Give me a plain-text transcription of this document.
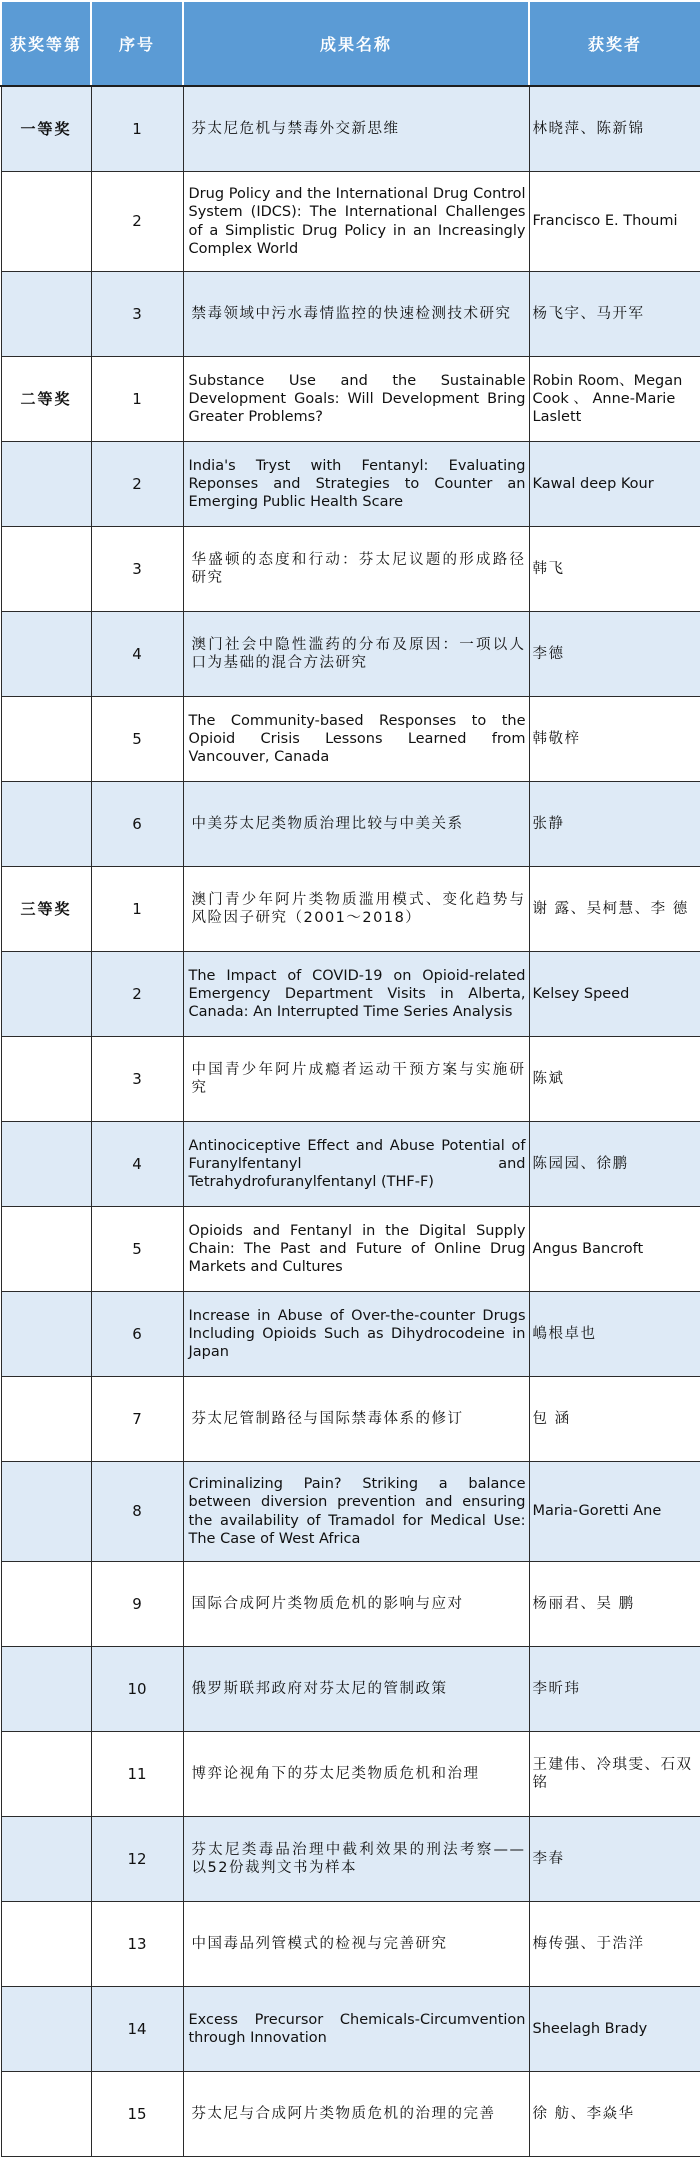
获奖等第	序号	成果名称	获奖者
一等奖	1	芬太尼危机与禁毒外交新思维	林晓萍、陈新锦
	2	Drug Policy and the International Drug Control System (IDCS): The International Challenges of a Simplistic Drug Policy in an Increasingly Complex World	Francisco E. Thoumi
	3	禁毒领域中污水毒情监控的快速检测技术研究	杨飞宇、马开军
二等奖	1	Substance Use and the Sustainable Development Goals: Will Development Bring Greater Problems?	Robin Room、Megan Cook 、 Anne-Marie Laslett
	2	India's Tryst with Fentanyl: Evaluating Reponses and Strategies to Counter an Emerging Public Health Scare	Kawal deep Kour
	3	华盛顿的态度和行动：芬太尼议题的形成路径研究	韩飞
	4	澳门社会中隐性滥药的分布及原因：一项以人口为基础的混合方法研究	李德
	5	The Community-based Responses to the Opioid Crisis Lessons Learned from Vancouver, Canada	韩敬梓
	6	中美芬太尼类物质治理比较与中美关系	张静
三等奖	1	澳门青少年阿片类物质滥用模式、变化趋势与风险因子研究（2001～2018）	谢 露、吴柯慧、李 德
	2	The Impact of COVID-19 on Opioid-related Emergency Department Visits in Alberta, Canada: An Interrupted Time Series Analysis	Kelsey Speed
	3	中国青少年阿片成瘾者运动干预方案与实施研究	陈斌
	4	Antinociceptive Effect and Abuse Potential of Furanylfentanyl and Tetrahydrofuranylfentanyl (THF-F)	陈园园、徐鹏
	5	Opioids and Fentanyl in the Digital Supply Chain: The Past and Future of Online Drug Markets and Cultures	Angus Bancroft
	6	Increase in Abuse of Over-the-counter Drugs Including Opioids Such as Dihydrocodeine in Japan	嶋根卓也
	7	芬太尼管制路径与国际禁毒体系的修订	包 涵
	8	Criminalizing Pain? Striking a balance between diversion prevention and ensuring the availability of Tramadol for Medical Use: The Case of West Africa	Maria-Goretti Ane
	9	国际合成阿片类物质危机的影响与应对	杨丽君、吴 鹏
	10	俄罗斯联邦政府对芬太尼的管制政策	李昕玮
	11	博弈论视角下的芬太尼类物质危机和治理	王建伟、冷琪雯、石双铭
	12	芬太尼类毒品治理中截利效果的刑法考察——以52份裁判文书为样本	李春
	13	中国毒品列管模式的检视与完善研究	梅传强、于浩洋
	14	Excess Precursor Chemicals-Circumvention through Innovation	Sheelagh Brady
	15	芬太尼与合成阿片类物质危机的治理的完善	徐 舫、李焱华
